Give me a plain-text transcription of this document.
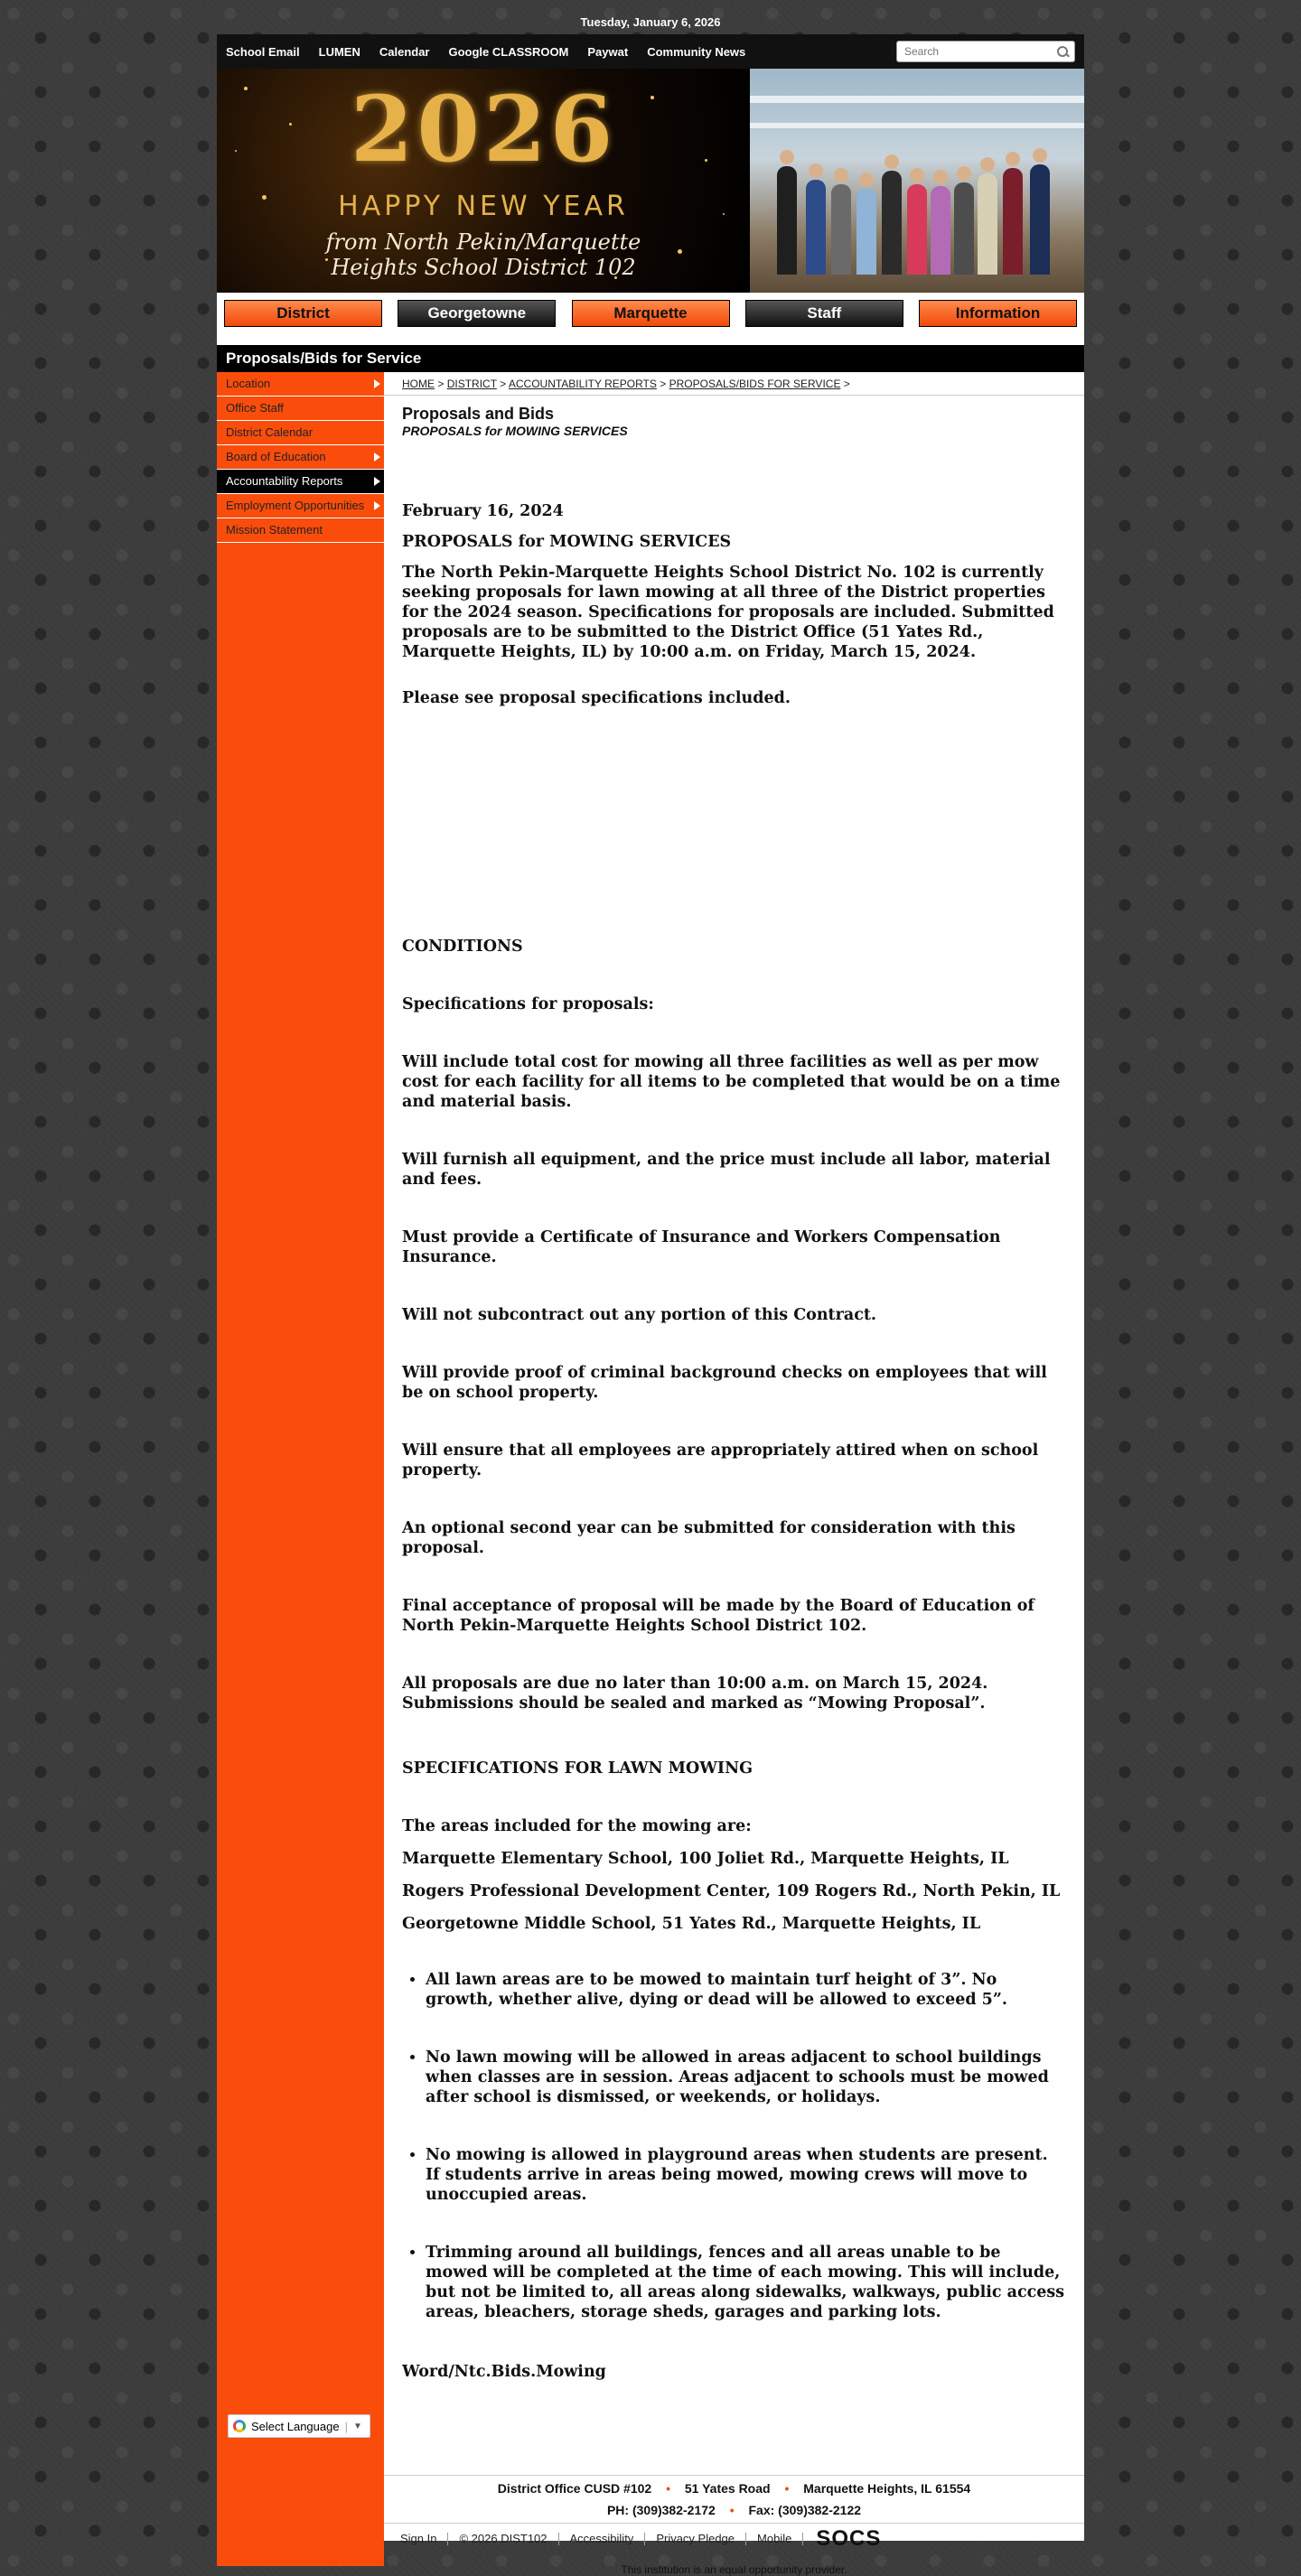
Tuesday, January 6, 2026
School Email LUMEN Calendar Google CLASSROOM Paywat Community News
Search
2026
HAPPY NEW YEAR
from North Pekin/Marquette
Heights School District 102
District	Georgetowne	Marquette	Staff	Information
Proposals/Bids for Service
Location
Office Staff
District Calendar
Board of Education
Accountability Reports
Employment Opportunities
Mission Statement
Select Language | ▼
HOME > DISTRICT > ACCOUNTABILITY REPORTS > PROPOSALS/BIDS FOR SERVICE >
Proposals and Bids
PROPOSALS for MOWING SERVICES

February 16, 2024

PROPOSALS for MOWING SERVICES

The North Pekin-Marquette Heights School District No. 102 is currently seeking proposals for lawn mowing at all three of the District properties for the 2024 season. Specifications for proposals are included. Submitted proposals are to be submitted to the District Office (51 Yates Rd., Marquette Heights, IL) by 10:00 a.m. on Friday, March 15, 2024.

Please see proposal specifications included.

CONDITIONS

Specifications for proposals:

Will include total cost for mowing all three facilities as well as per mow cost for each facility for all items to be completed that would be on a time and material basis.

Will furnish all equipment, and the price must include all labor, material and fees.

Must provide a Certificate of Insurance and Workers Compensation Insurance.

Will not subcontract out any portion of this Contract.

Will provide proof of criminal background checks on employees that will be on school property.

Will ensure that all employees are appropriately attired when on school property.

An optional second year can be submitted for consideration with this proposal.

Final acceptance of proposal will be made by the Board of Education of North Pekin-Marquette Heights School District 102.

All proposals are due no later than 10:00 a.m. on March 15, 2024. Submissions should be sealed and marked as “Mowing Proposal”.

SPECIFICATIONS FOR LAWN MOWING

The areas included for the mowing are:

Marquette Elementary School, 100 Joliet Rd., Marquette Heights, IL

Rogers Professional Development Center, 109 Rogers Rd., North Pekin, IL

Georgetowne Middle School, 51 Yates Rd., Marquette Heights, IL

• All lawn areas are to be mowed to maintain turf height of 3”. No growth, whether alive, dying or dead will be allowed to exceed 5”.
• No lawn mowing will be allowed in areas adjacent to school buildings when classes are in session. Areas adjacent to schools must be mowed after school is dismissed, or weekends, or holidays.
• No mowing is allowed in playground areas when students are present. If students arrive in areas being mowed, mowing crews will move to unoccupied areas.
• Trimming around all buildings, fences and all areas unable to be mowed will be completed at the time of each mowing. This will include, but not be limited to, all areas along sidewalks, walkways, public access areas, bleachers, storage sheds, garages and parking lots.

Word/Ntc.Bids.Mowing

District Office CUSD #102 • 51 Yates Road • Marquette Heights, IL 61554
PH: (309)382-2172 • Fax: (309)382-2122
Sign In	© 2026 DIST102	Accessibility	Privacy Pledge	Mobile	SOCS
This institution is an equal opportunity provider.
